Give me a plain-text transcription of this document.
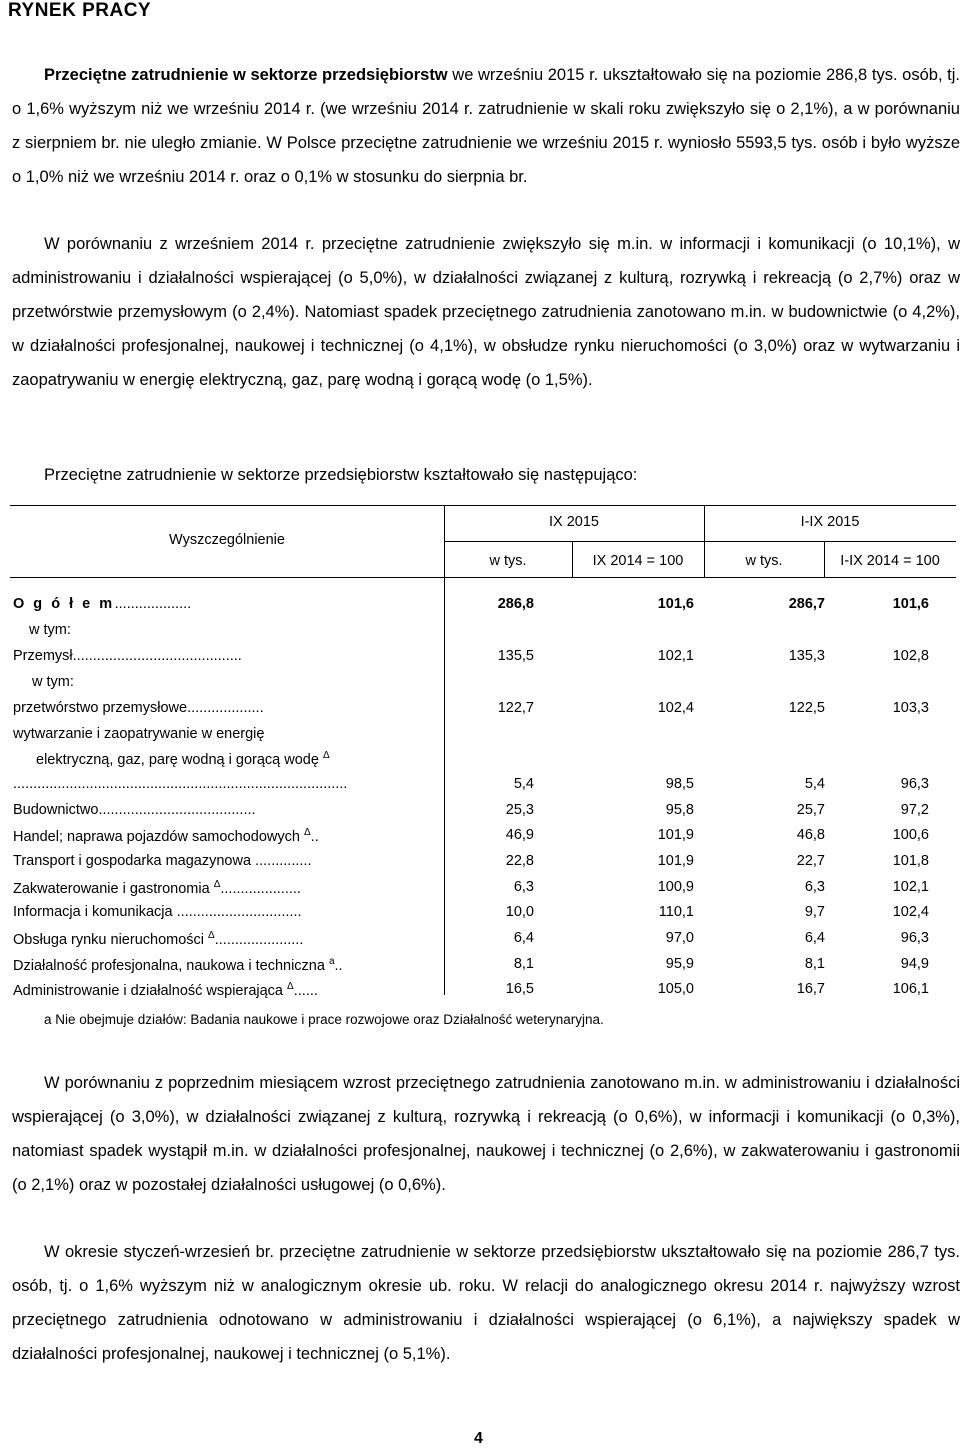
RYNEK PRACY
Przeciętne zatrudnienie w sektorze przedsiębiorstw we wrześniu 2015 r. ukształtowało się na poziomie 286,8 tys. osób, tj. o 1,6% wyższym niż we wrześniu 2014 r. (we wrześniu 2014 r. zatrudnienie w skali roku zwiększyło się o 2,1%), a w porównaniu z sierpniem br. nie uległo zmianie. W Polsce przeciętne zatrudnienie we wrześniu 2015 r. wyniosło 5593,5 tys. osób i było wyższe o 1,0% niż we wrześniu 2014 r. oraz o 0,1% w stosunku do sierpnia br.
W porównaniu z wrześniem 2014 r. przeciętne zatrudnienie zwiększyło się m.in. w informacji i komunikacji (o 10,1%), w administrowaniu i działalności wspierającej (o 5,0%), w działalności związanej z kulturą, rozrywką i rekreacją (o 2,7%) oraz w przetwórstwie przemysłowym (o 2,4%). Natomiast spadek przeciętnego zatrudnienia zanotowano m.in. w budownictwie (o 4,2%), w działalności profesjonalnej, naukowej i technicznej (o 4,1%), w obsłudze rynku nieruchomości (o 3,0%) oraz w wytwarzaniu i zaopatrywaniu w energię elektryczną, gaz, parę wodną i gorącą wodę (o 1,5%).
Przeciętne zatrudnienie w sektorze przedsiębiorstw kształtowało się następująco:
Wyszczególnienie
IX 2015	I-IX 2015
w tys.	IX 2014 = 100	w tys.	I-IX 2014 = 100
O g ó ł e m...................	286,8	101,6	286,7	101,6
w tym:
Przemysł..........................................	135,5	102,1	135,3	102,8
w tym:
przetwórstwo przemysłowe...................	122,7	102,4	122,5	103,3
wytwarzanie i zaopatrywanie w energię
elektryczną, gaz, parę wodną i gorącą wodę $^\Delta$
...................................................................................	5,4	98,5	5,4	96,3
Budownictwo.......................................	25,3	95,8	25,7	97,2
Handel; naprawa pojazdów samochodowych $^\Delta$..	46,9	101,9	46,8	100,6
Transport i gospodarka magazynowa ..............	22,8	101,9	22,7	101,8
Zakwaterowanie i gastronomia $^\Delta$....................	6,3	100,9	6,3	102,1
Informacja i komunikacja ...............................	10,0	110,1	9,7	102,4
Obsługa rynku nieruchomości $^\Delta$......................	6,4	97,0	6,4	96,3
Działalność profesjonalna, naukowa i techniczna $^a$..	8,1	95,9	8,1	94,9
Administrowanie i działalność wspierająca $^\Delta$......	16,5	105,0	16,7	106,1
a Nie obejmuje działów: Badania naukowe i prace rozwojowe oraz Działalność weterynaryjna.
W porównaniu z poprzednim miesiącem wzrost przeciętnego zatrudnienia zanotowano m.in. w administrowaniu i działalności wspierającej (o 3,0%), w działalności związanej z kulturą, rozrywką i rekreacją (o 0,6%), w informacji i komunikacji (o 0,3%), natomiast spadek wystąpił m.in. w działalności profesjonalnej, naukowej i technicznej (o 2,6%), w zakwaterowaniu i gastronomii (o 2,1%) oraz w pozostałej działalności usługowej (o 0,6%).
W okresie styczeń-wrzesień br. przeciętne zatrudnienie w sektorze przedsiębiorstw ukształtowało się na poziomie 286,7 tys. osób, tj. o 1,6% wyższym niż w analogicznym okresie ub. roku. W relacji do analogicznego okresu 2014 r. najwyższy wzrost przeciętnego zatrudnienia odnotowano w administrowaniu i działalności wspierającej (o 6,1%), a największy spadek w działalności profesjonalnej, naukowej i technicznej (o 5,1%).
4
